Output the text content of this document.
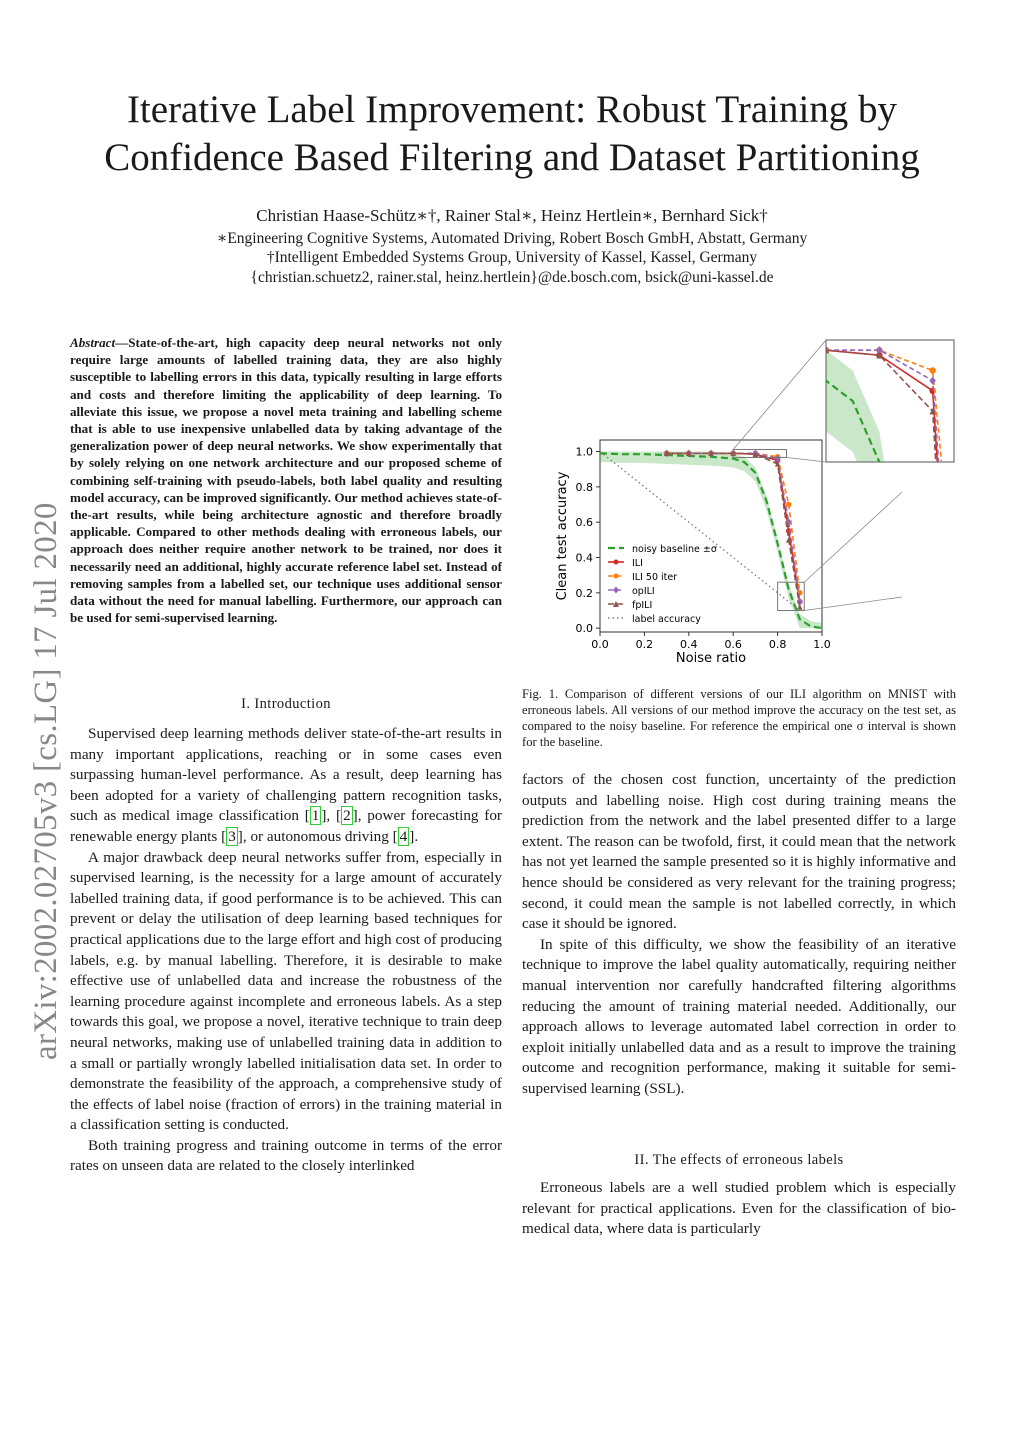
Iterative Label Improvement: Robust Training by Confidence Based Filtering and Dataset Partitioning
Christian Haase-Schütz∗†, Rainer Stal∗, Heinz Hertlein∗, Bernhard Sick†
∗Engineering Cognitive Systems, Automated Driving, Robert Bosch GmbH, Abstatt, Germany
†Intelligent Embedded Systems Group, University of Kassel, Kassel, Germany
{christian.schuetz2, rainer.stal, heinz.hertlein}@de.bosch.com, bsick@uni-kassel.de
arXiv:2002.02705v3 [cs.LG] 17 Jul 2020
Abstract—State-of-the-art, high capacity deep neural networks not only require large amounts of labelled training data, they are also highly susceptible to labelling errors in this data, typically resulting in large efforts and costs and therefore limiting the applicability of deep learning. To alleviate this issue, we propose a novel meta training and labelling scheme that is able to use inexpensive unlabelled data by taking advantage of the generalization power of deep neural networks. We show experimentally that by solely relying on one network architecture and our proposed scheme of combining self-training with pseudo-labels, both label quality and resulting model accuracy, can be improved significantly. Our method achieves state-of-the-art results, while being architecture agnostic and therefore broadly applicable. Compared to other methods dealing with erroneous labels, our approach does neither require another network to be trained, nor does it necessarily need an additional, highly accurate reference label set. Instead of removing samples from a labelled set, our technique uses additional sensor data without the need for manual labelling. Furthermore, our approach can be used for semi-supervised learning.
I. Introduction

Supervised deep learning methods deliver state-of-the-art results in many important applications, reaching or in some cases even surpassing human-level performance. As a result, deep learning has been adopted for a variety of challenging pattern recognition tasks, such as medical image classification [ 1 ], [ 2 ], power forecasting for renewable energy plants [ 3 ], or autonomous driving [ 4 ].

A major drawback deep neural networks suffer from, especially in supervised learning, is the necessity for a large amount of accurately labelled training data, if good performance is to be achieved. This can prevent or delay the utilisation of deep learning based techniques for practical applications due to the large effort and high cost of producing labels, e.g. by manual labelling. Therefore, it is desirable to make effective use of unlabelled data and increase the robustness of the learning procedure against incomplete and erroneous labels. As a step towards this goal, we propose a novel, iterative technique to train deep neural networks, making use of unlabelled training data in addition to a small or partially wrongly labelled initialisation data set. In order to demonstrate the feasibility of the approach, a comprehensive study of the effects of label noise (fraction of errors) in the training material in a classification setting is conducted.

Both training progress and training outcome in terms of the error rates on unseen data are related to the closely interlinked

0.0 0.2 0.4 0.6 0.8 1.0
0.0
0.2
0.4
0.6
0.8
1.0
noisy baseline ±σ
ILI
ILI 50 iter
opILI
fpILI
label accuracy
Noise ratio
Clean test accuracy
Fig. 1. Comparison of different versions of our ILI algorithm on MNIST with erroneous labels. All versions of our method improve the accuracy on the test set, as compared to the noisy baseline. For reference the empirical one σ interval is shown for the baseline.

factors of the chosen cost function, uncertainty of the prediction outputs and labelling noise. High cost during training means the prediction from the network and the label presented differ to a large extent. The reason can be twofold, first, it could mean that the network has not yet learned the sample presented so it is highly informative and hence should be considered as very relevant for the training progress; second, it could mean the sample is not labelled correctly, in which case it should be ignored.

In spite of this difficulty, we show the feasibility of an iterative technique to improve the label quality automatically, requiring neither manual intervention nor carefully handcrafted filtering algorithms reducing the amount of training material needed. Additionally, our approach allows to leverage automated label correction in order to exploit initially unlabelled data and as a result to improve the training outcome and recognition performance, making it suitable for semi-supervised learning (SSL).

II. The effects of erroneous labels

Erroneous labels are a well studied problem which is especially relevant for practical applications. Even for the classification of bio-medical data, where data is particularly
